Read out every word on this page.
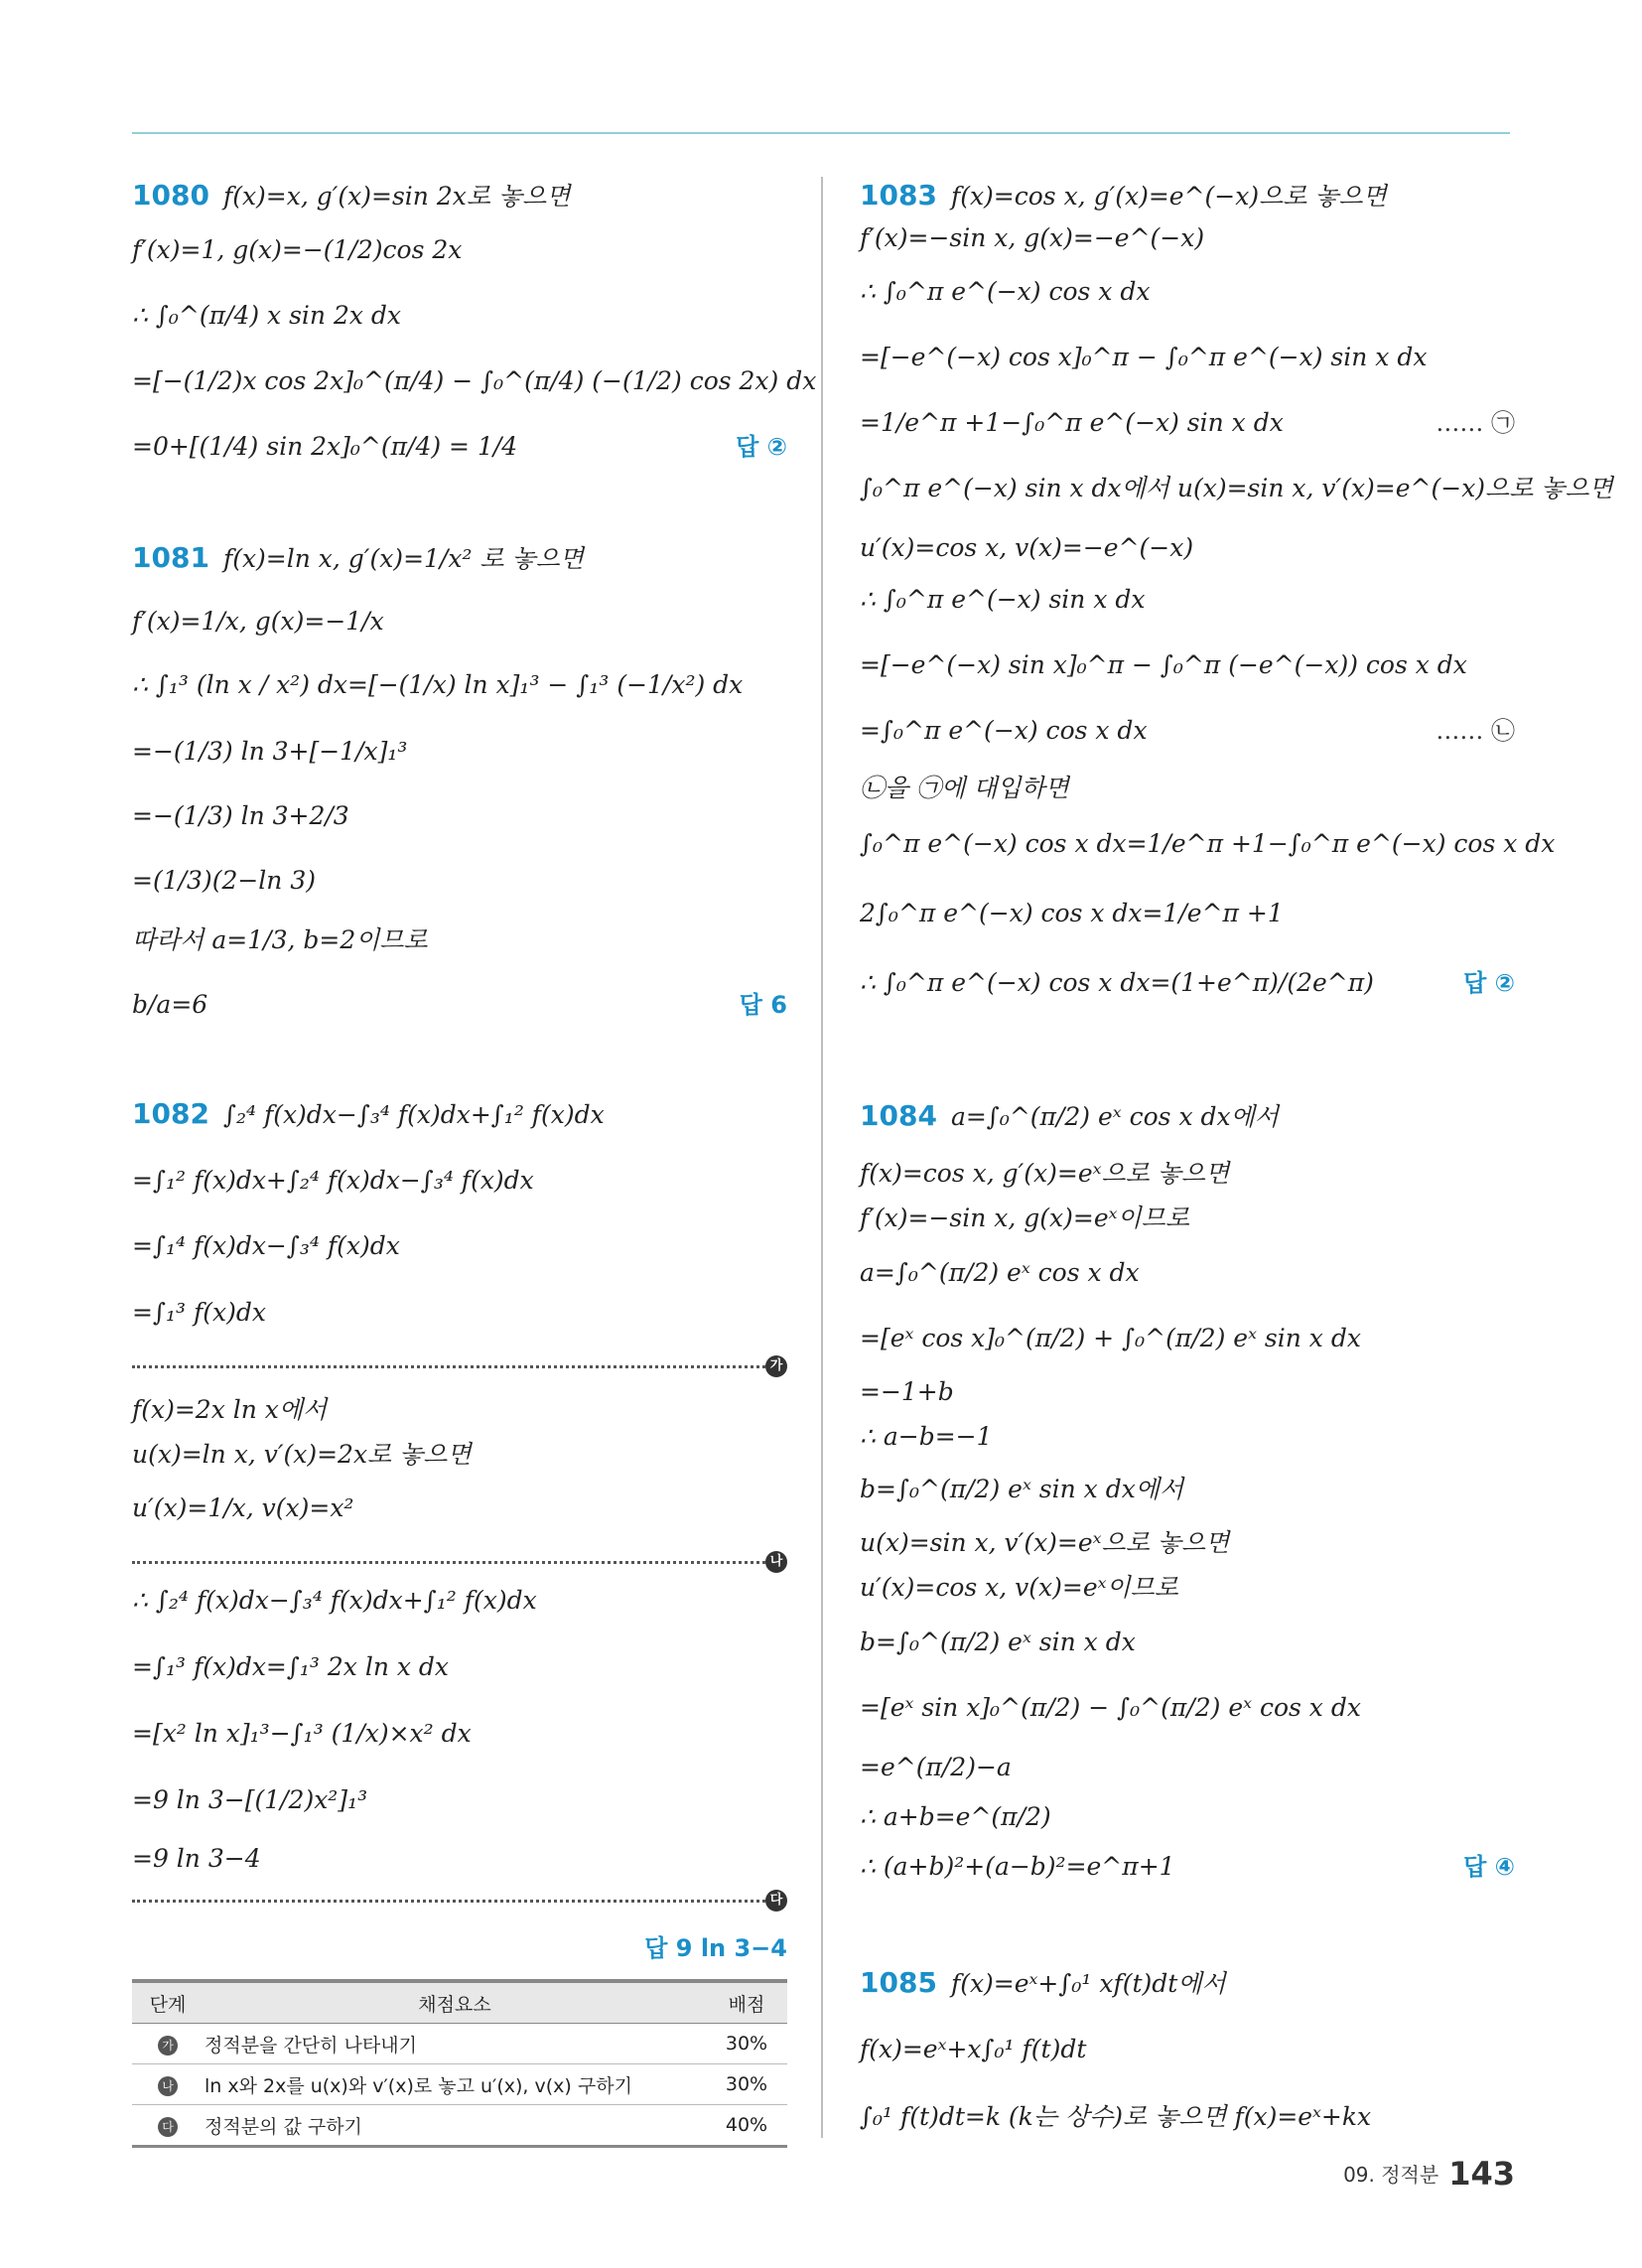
1080 f(x)=x, g′(x)=sin 2x로 놓으면
f′(x)=1, g(x)=−(1/2)cos 2x
∴ ∫₀^(π/4) x sin 2x dx
=[−(1/2)x cos 2x]₀^(π/4) − ∫₀^(π/4) (−(1/2) cos 2x) dx
=0+[(1/4) sin 2x]₀^(π/4) = 1/4	답 ②
1081 f(x)=ln x, g′(x)=1/x² 로 놓으면
f′(x)=1/x, g(x)=−1/x
∴ ∫₁³ (ln x / x²) dx=[−(1/x) ln x]₁³ − ∫₁³ (−1/x²) dx
=−(1/3) ln 3+[−1/x]₁³
=−(1/3) ln 3+2/3
=(1/3)(2−ln 3)
따라서 a=1/3, b=2이므로
b/a=6	답 6
1082 ∫₂⁴ f(x)dx−∫₃⁴ f(x)dx+∫₁² f(x)dx
=∫₁² f(x)dx+∫₂⁴ f(x)dx−∫₃⁴ f(x)dx
=∫₁⁴ f(x)dx−∫₃⁴ f(x)dx
=∫₁³ f(x)dx
가
f(x)=2x ln x에서
u(x)=ln x, v′(x)=2x로 놓으면
u′(x)=1/x, v(x)=x²
나
∴ ∫₂⁴ f(x)dx−∫₃⁴ f(x)dx+∫₁² f(x)dx
=∫₁³ f(x)dx=∫₁³ 2x ln x dx
=[x² ln x]₁³−∫₁³ (1/x)×x² dx
=9 ln 3−[(1/2)x²]₁³
=9 ln 3−4
다
답 9 ln 3−4
단계	채점요소	배점
가	정적분을 간단히 나타내기	30%
나	ln x와 2x를 u(x)와 v′(x)로 놓고 u′(x), v(x) 구하기	30%
다	정적분의 값 구하기	40%
1083 f(x)=cos x, g′(x)=e^(−x)으로 놓으면
f′(x)=−sin x, g(x)=−e^(−x)
∴ ∫₀^π e^(−x) cos x dx
=[−e^(−x) cos x]₀^π − ∫₀^π e^(−x) sin x dx
=1/e^π +1−∫₀^π e^(−x) sin x dx	…… ㉠
∫₀^π e^(−x) sin x dx에서 u(x)=sin x, v′(x)=e^(−x)으로 놓으면
u′(x)=cos x, v(x)=−e^(−x)
∴ ∫₀^π e^(−x) sin x dx
=[−e^(−x) sin x]₀^π − ∫₀^π (−e^(−x)) cos x dx
=∫₀^π e^(−x) cos x dx	…… ㉡
㉡을 ㉠에 대입하면
∫₀^π e^(−x) cos x dx=1/e^π +1−∫₀^π e^(−x) cos x dx
2∫₀^π e^(−x) cos x dx=1/e^π +1
∴ ∫₀^π e^(−x) cos x dx=(1+e^π)/(2e^π)	답 ②
1084 a=∫₀^(π/2) eˣ cos x dx에서
f(x)=cos x, g′(x)=eˣ으로 놓으면
f′(x)=−sin x, g(x)=eˣ이므로
a=∫₀^(π/2) eˣ cos x dx
=[eˣ cos x]₀^(π/2) + ∫₀^(π/2) eˣ sin x dx
=−1+b
∴ a−b=−1
b=∫₀^(π/2) eˣ sin x dx에서
u(x)=sin x, v′(x)=eˣ으로 놓으면
u′(x)=cos x, v(x)=eˣ이므로
b=∫₀^(π/2) eˣ sin x dx
=[eˣ sin x]₀^(π/2) − ∫₀^(π/2) eˣ cos x dx
=e^(π/2)−a
∴ a+b=e^(π/2)
∴ (a+b)²+(a−b)²=e^π+1	답 ④
1085 f(x)=eˣ+∫₀¹ xf(t)dt에서
f(x)=eˣ+x∫₀¹ f(t)dt
∫₀¹ f(t)dt=k (k는 상수)로 놓으면 f(x)=eˣ+kx
09. 정적분 143
